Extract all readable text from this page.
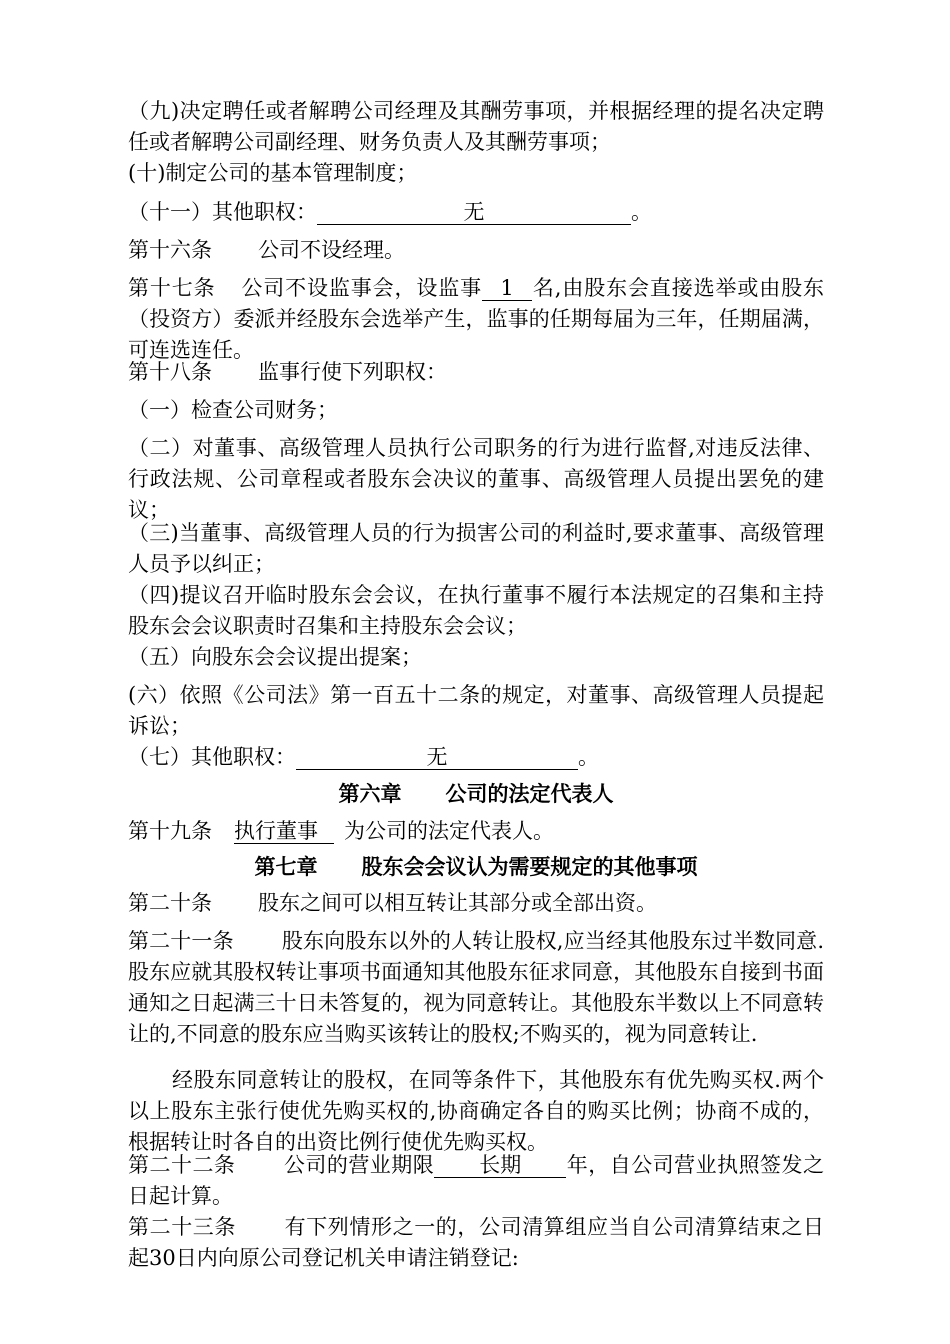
（九)决定聘任或者解聘公司经理及其酬劳事项，并根据经理的提名决定聘任或者解聘公司副经理、财务负责人及其酬劳事项；

(十)制定公司的基本管理制度；

（十一）其他职权：	无	。

第十六条 公司不设经理。

第十七条 公司不设监事会，设监事 1 名,由股东会直接选举或由股东（投资方）委派并经股东会选举产生，监事的任期每届为三年，任期届满，可连选连任。

第十八条 监事行使下列职权：

（一）检查公司财务；

（二）对董事、高级管理人员执行公司职务的行为进行监督,对违反法律、行政法规、公司章程或者股东会决议的董事、高级管理人员提出罢免的建议；

（三)当董事、高级管理人员的行为损害公司的利益时,要求董事、高级管理人员予以纠正；

（四)提议召开临时股东会会议，在执行董事不履行本法规定的召集和主持股东会会议职责时召集和主持股东会会议；

（五）向股东会会议提出提案；

(六）依照《公司法》第一百五十二条的规定，对董事、高级管理人员提起诉讼；

（七）其他职权：	无	。

第六章 公司的法定代表人

第十九条 执行董事 为公司的法定代表人。

第七章 股东会会议认为需要规定的其他事项

第二十条 股东之间可以相互转让其部分或全部出资。

第二十一条 股东向股东以外的人转让股权,应当经其他股东过半数同意.股东应就其股权转让事项书面通知其他股东征求同意，其他股东自接到书面通知之日起满三十日未答复的，视为同意转让。其他股东半数以上不同意转让的,不同意的股东应当购买该转让的股权;不购买的，视为同意转让.

经股东同意转让的股权，在同等条件下，其他股东有优先购买权.两个以上股东主张行使优先购买权的,协商确定各自的购买比例；协商不成的，根据转让时各自的出资比例行使优先购买权。

第二十二条 公司的营业期限 长期 年，自公司营业执照签发之日起计算。

第二十三条 有下列情形之一的，公司清算组应当自公司清算结束之日起30日内向原公司登记机关申请注销登记:
